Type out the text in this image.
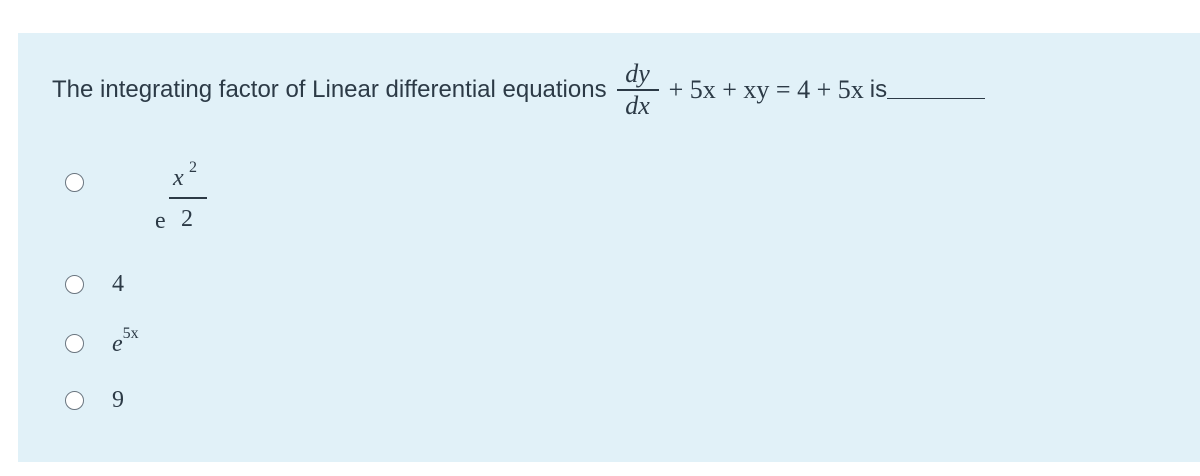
The integrating factor of Linear differential equations $\frac{dy}{dx} + 5x$ + xy = 4 + 5x is
x 2
e 2
4
$e^{5x}$
9
